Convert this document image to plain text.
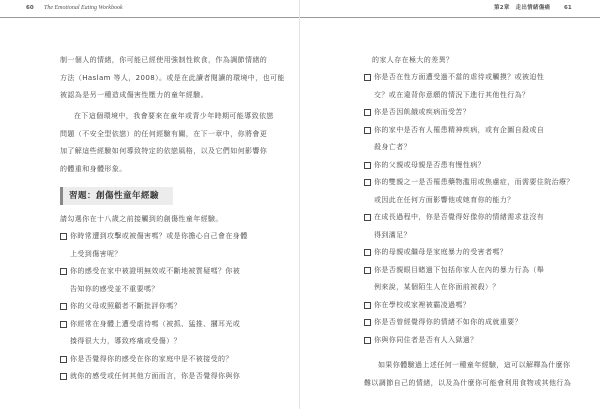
60 The Emotional Eating Workbook
制一個人的情緒，你可能已經使用強制性飲食，作為調節情緒的
方法（Haslam 等人，2008）。或是在此讀者閱讀的環境中，也可能
被認為是另一種造成傷害性壓力的童年經驗。
在下這個環境中，我會要來在童年或青少年時期可能導致依戀
問題（不安全型依戀）的任何經驗有關，在下一章中，你將會更
加了解這些經驗如何導致特定的依戀風格，以及它們如何影響你
的體重和身體形象。
習題：創傷性童年經驗
請勾選你在十八歲之前接觸到的創傷性童年經驗。
你時常遭到攻擊或被傷害嗎？或是你擔心自己會在身體
上受到傷害呢？
你的感受在家中被證明無效或不斷地被質疑嗎？你被
告知你的感受並不重要嗎？
你的父母或照顧者不斷批評你嗎？
你經常在身體上遭受虐待嗎（被抓、猛推、摑耳光或
揍得很大力，導致疼痛或受傷）？
你是否覺得你的感受在你的家庭中是不被接受的？
就你的感受或任何其他方面而言，你是否覺得你與你
第2章　走出情緒傷痛 61
的家人存在極大的差異？
你是否在性方面遭受過不當的虐待或觸摸？或被迫性
交？或在違背你意願的情況下進行其他性行為？
你是否因飢餓或疾病而受苦？
你的家中是否有人罹患精神疾病，或有企圖自殺或自
殺身亡者？
你的父親或母親是否患有慢性病？
你的雙親之一是否罹患藥物濫用或焦慮症，而需要住院治療？
或因此在任何方面影響他或她育你的能力？
在成長過程中，你是否覺得好像你的情緒需求並沒有
得到滿足？
你的母親或繼母是家庭暴力的受害者嗎？
你是否親眼目睹過下包括你家人在內的暴力行為（舉
例來說，某個陌生人在你面前被殺）？
你在學校或家裡被霸凌過嗎？
你是否曾經覺得你的情緒不如你的成就重要？
你與你同住者是否有人入獄過？
如果你體驗過上述任何一種童年經驗，這可以解釋為什麼你
難以調節自己的情緒，以及為什麼你可能會利用食物或其他行為
